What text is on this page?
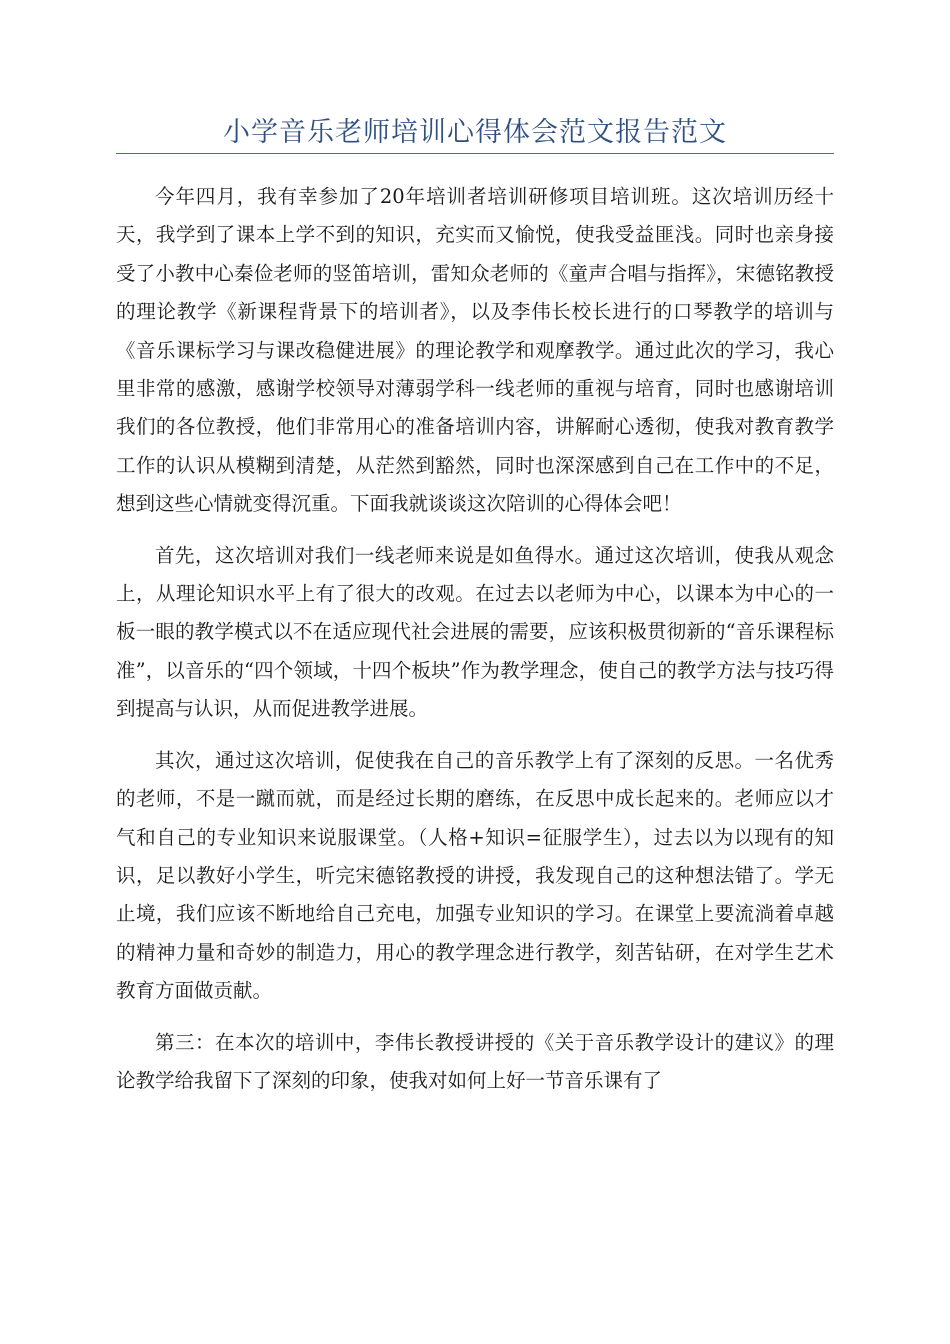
小学音乐老师培训心得体会范文报告范文

今年四月，我有幸参加了20年培训者培训研修项目培训班。这次培训历经十天，我学到了课本上学不到的知识，充实而又愉悦，使我受益匪浅。同时也亲身接受了小教中心秦俭老师的竖笛培训，雷知众老师的《童声合唱与指挥》，宋德铭教授的理论教学《新课程背景下的培训者》，以及李伟长校长进行的口琴教学的培训与《音乐课标学习与课改稳健进展》的理论教学和观摩教学。通过此次的学习，我心里非常的感激，感谢学校领导对薄弱学科一线老师的重视与培育，同时也感谢培训我们的各位教授，他们非常用心的准备培训内容，讲解耐心透彻，使我对教育教学工作的认识从模糊到清楚，从茫然到豁然，同时也深深感到自己在工作中的不足，想到这些心情就变得沉重。下面我就谈谈这次陪训的心得体会吧！

首先，这次培训对我们一线老师来说是如鱼得水。通过这次培训，使我从观念上，从理论知识水平上有了很大的改观。在过去以老师为中心，以课本为中心的一板一眼的教学模式以不在适应现代社会进展的需要，应该积极贯彻新的“音乐课程标准”，以音乐的“四个领域，十四个板块”作为教学理念，使自己的教学方法与技巧得到提高与认识，从而促进教学进展。

其次，通过这次培训，促使我在自己的音乐教学上有了深刻的反思。一名优秀的老师，不是一蹴而就，而是经过长期的磨练，在反思中成长起来的。老师应以才气和自己的专业知识来说服课堂。（人格+知识=征服学生），过去以为以现有的知识，足以教好小学生，听完宋德铭教授的讲授，我发现自己的这种想法错了。学无止境，我们应该不断地给自己充电，加强专业知识的学习。在课堂上要流淌着卓越的精神力量和奇妙的制造力，用心的教学理念进行教学，刻苦钻研，在对学生艺术教育方面做贡献。

第三：在本次的培训中，李伟长教授讲授的《关于音乐教学设计的建议》的理论教学给我留下了深刻的印象，使我对如何上好一节音乐课有了
